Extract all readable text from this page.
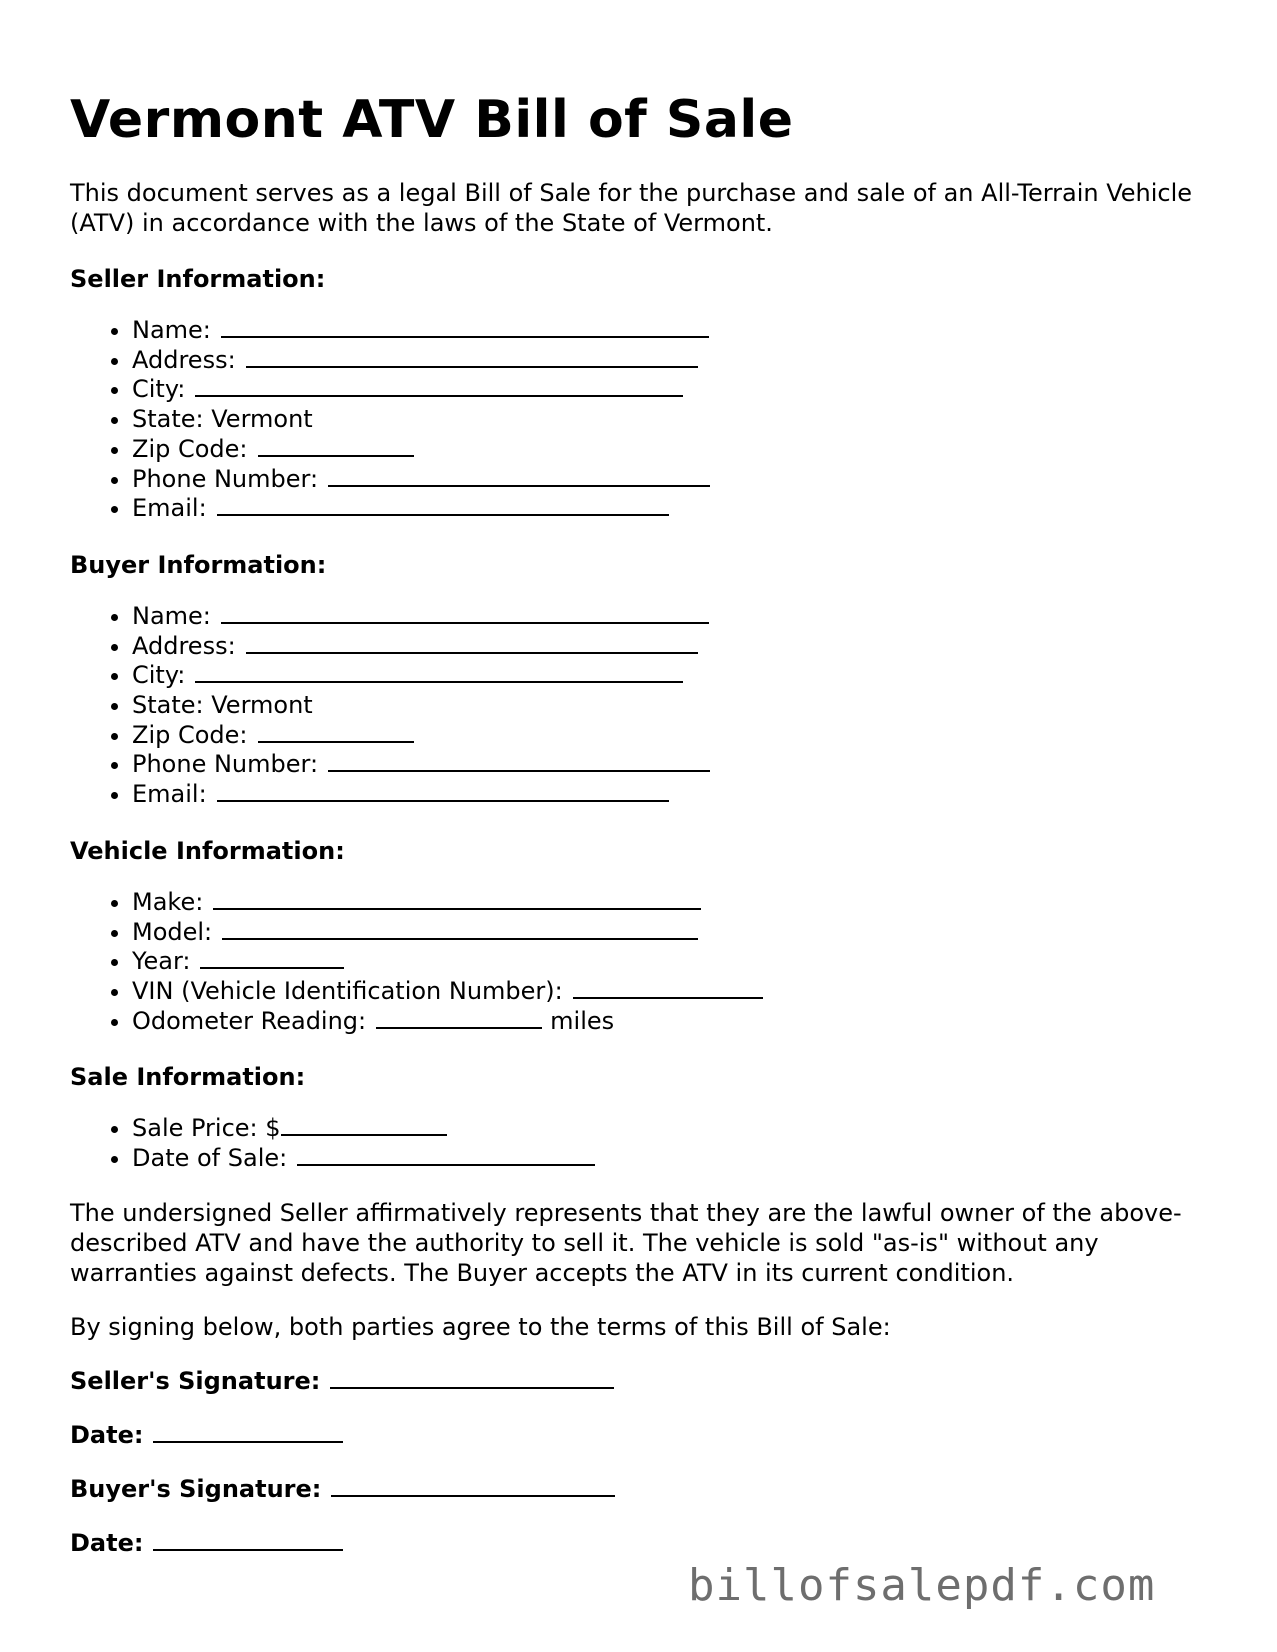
Vermont ATV Bill of Sale

This document serves as a legal Bill of Sale for the purchase and sale of an All-Terrain Vehicle (ATV) in accordance with the laws of the State of Vermont.

Seller Information:
• Name:
• Address:
• City:
• State: Vermont
• Zip Code:
• Phone Number:
• Email:
Buyer Information:
• Name:
• Address:
• City:
• State: Vermont
• Zip Code:
• Phone Number:
• Email:
Vehicle Information:
• Make:
• Model:
• Year:
• VIN (Vehicle Identification Number):
• Odometer Reading:	miles
Sale Information:
• Sale Price: $
• Date of Sale:

The undersigned Seller affirmatively represents that they are the lawful owner of the above-described ATV and have the authority to sell it. The vehicle is sold "as-is" without any warranties against defects. The Buyer accepts the ATV in its current condition.

By signing below, both parties agree to the terms of this Bill of Sale:

Seller's Signature:

Date:

Buyer's Signature:

Date:

billofsalepdf.com
